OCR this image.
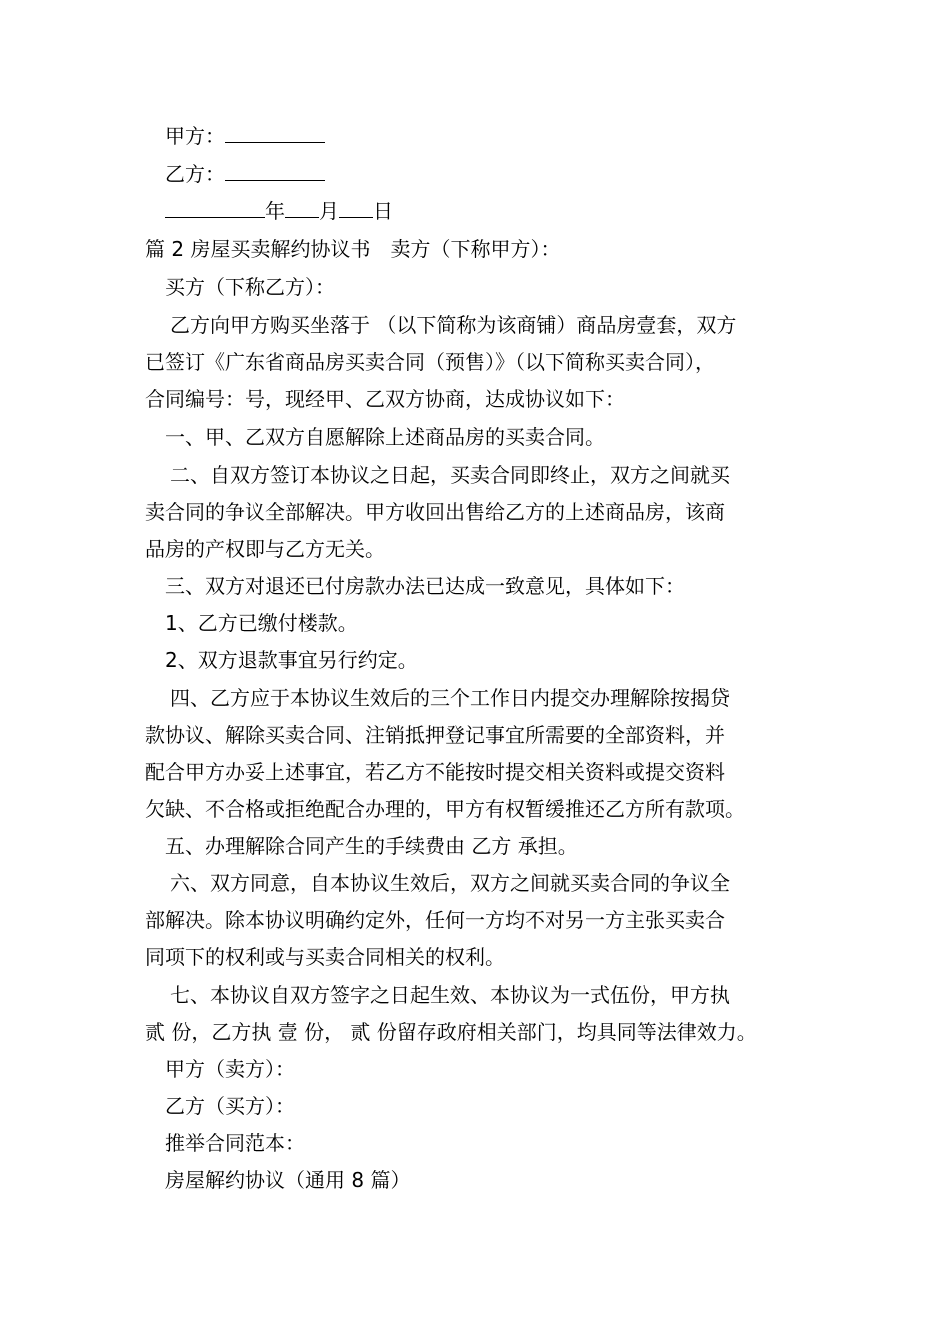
甲方：
乙方：
年 月 日
篇 2 房屋买卖解约协议书　卖方（下称甲方）：
买方（下称乙方）：
乙方向甲方购买坐落于 （以下简称为该商铺）商品房壹套，双方
已签订《广东省商品房买卖合同（预售）》（以下简称买卖合同），
合同编号：号，现经甲、乙双方协商，达成协议如下：
一、甲、乙双方自愿解除上述商品房的买卖合同。
二、自双方签订本协议之日起，买卖合同即终止，双方之间就买
卖合同的争议全部解决。甲方收回出售给乙方的上述商品房，该商
品房的产权即与乙方无关。
三、双方对退还已付房款办法已达成一致意见，具体如下：
1、乙方已缴付楼款。
2、双方退款事宜另行约定。
四、乙方应于本协议生效后的三个工作日内提交办理解除按揭贷
款协议、解除买卖合同、注销抵押登记事宜所需要的全部资料，并
配合甲方办妥上述事宜，若乙方不能按时提交相关资料或提交资料
欠缺、不合格或拒绝配合办理的，甲方有权暂缓推还乙方所有款项。
五、办理解除合同产生的手续费由 乙方 承担。
六、双方同意，自本协议生效后，双方之间就买卖合同的争议全
部解决。除本协议明确约定外，任何一方均不对另一方主张买卖合
同项下的权利或与买卖合同相关的权利。
七、本协议自双方签字之日起生效、本协议为一式伍份，甲方执
贰 份，乙方执 壹 份， 贰 份留存政府相关部门，均具同等法律效力。
甲方（卖方）：
乙方（买方）：
推举合同范本：
房屋解约协议（通用 8 篇）
